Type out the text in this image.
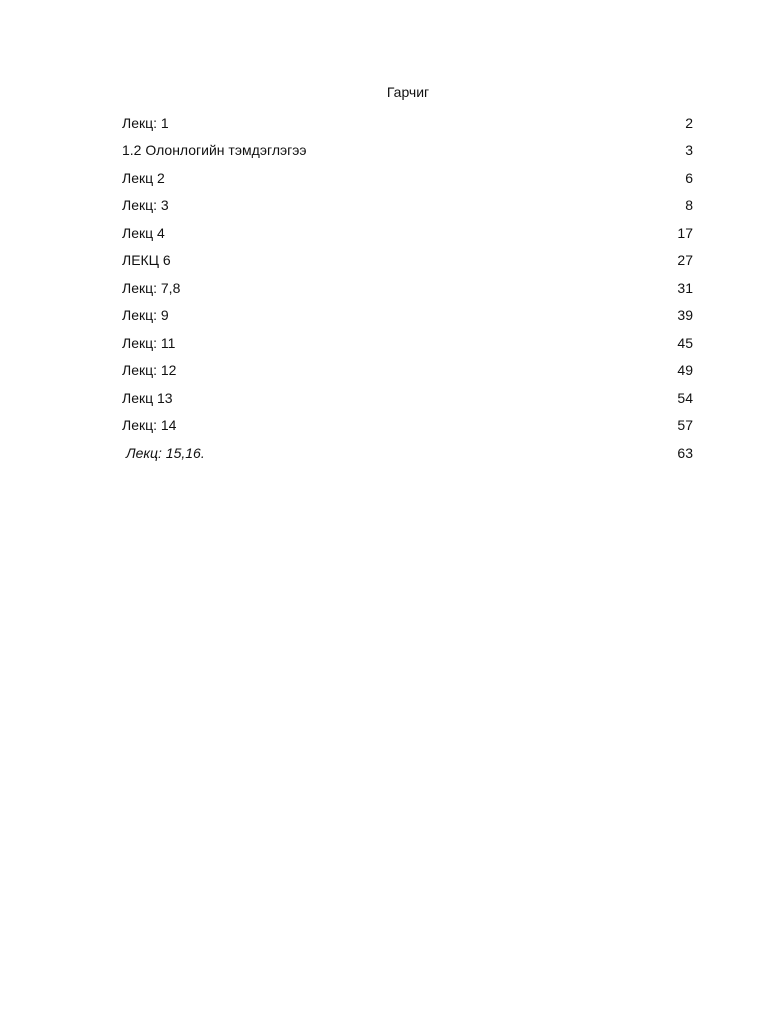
Гарчиг
Лекц: 1	2
1.2 Олонлогийн тэмдэглэгээ	3
Лекц 2	6
Лекц: 3	8
Лекц 4	17
ЛЕКЦ 6	27
Лекц: 7,8	31
Лекц: 9	39
Лекц: 11	45
Лекц: 12	49
Лекц 13	54
Лекц: 14	57
Лекц: 15,16.	63
